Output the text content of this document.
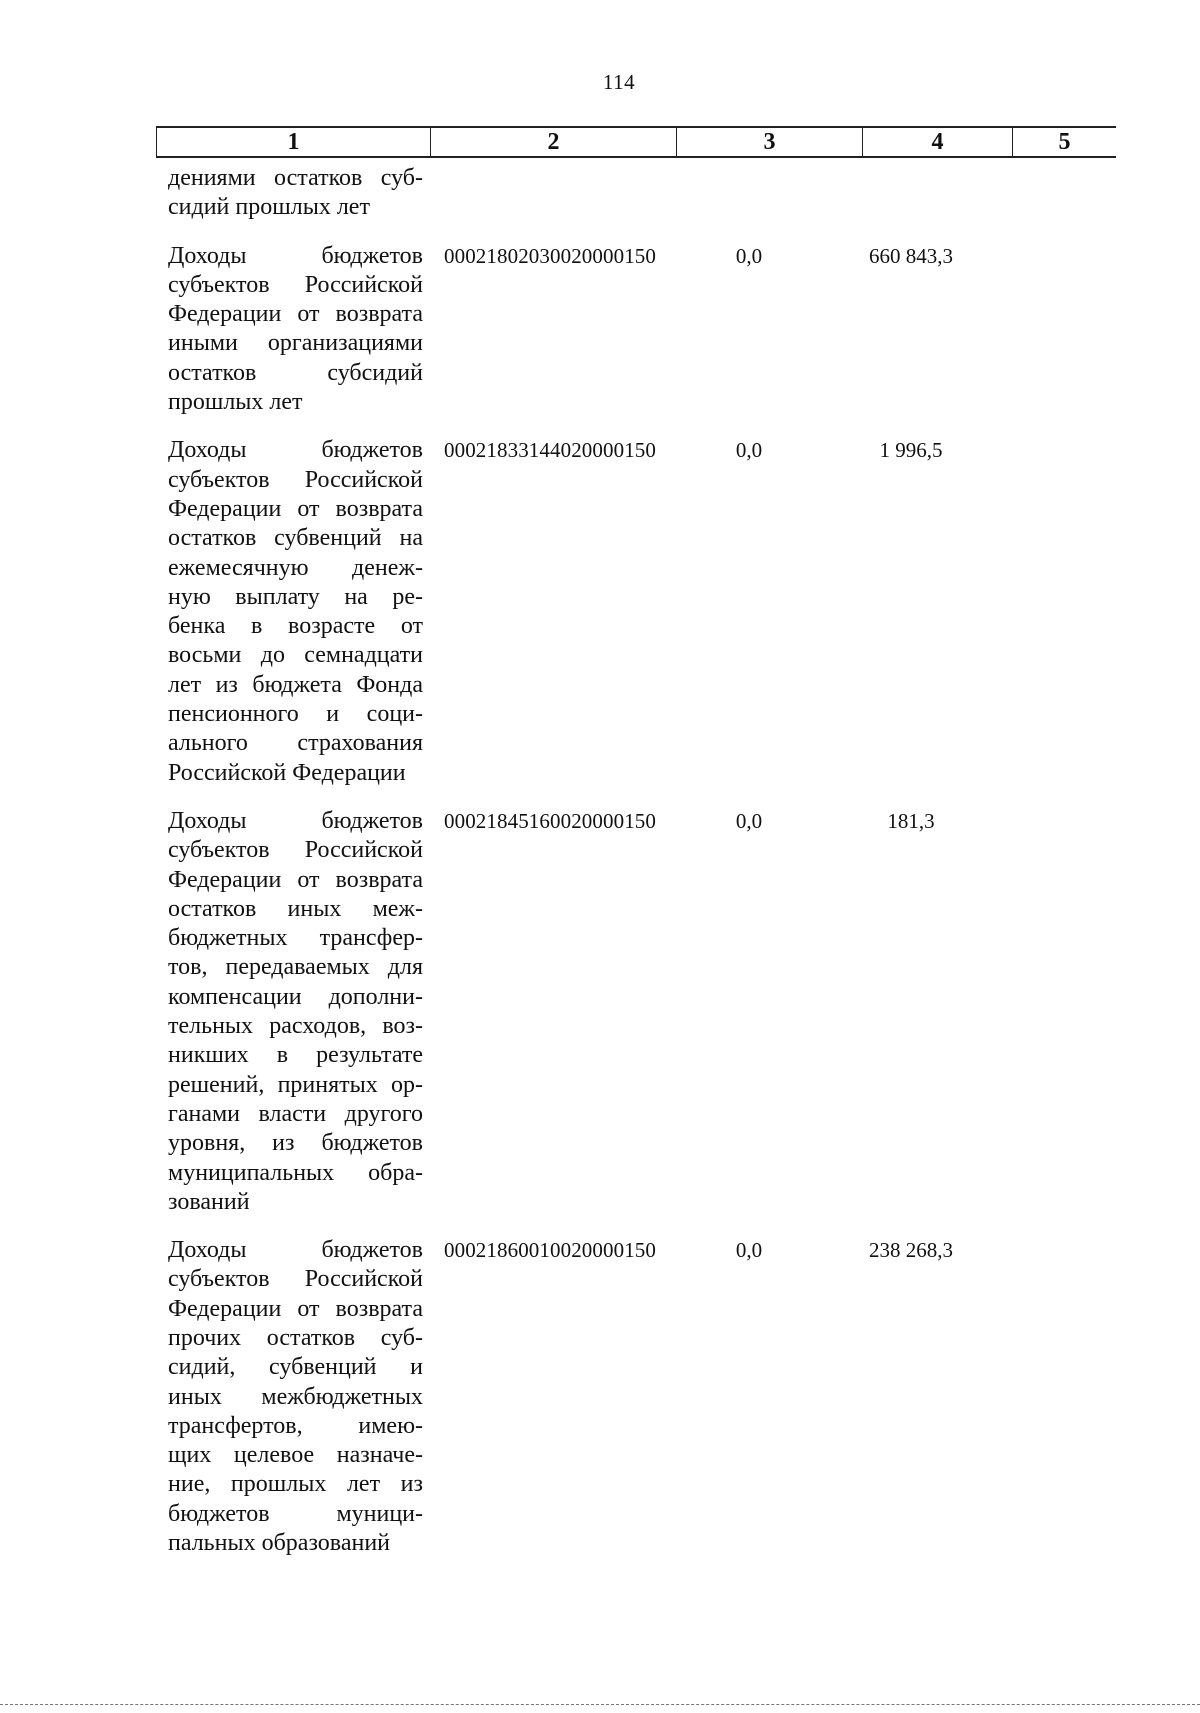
114
1	2	3	4	5
дениями остатков суб-
сидий прошлых лет
Доходы бюджетов
субъектов Российской
Федерации от возврата
иными организациями
остатков субсидий
прошлых лет
00021802030020000150	0,0	660 843,3
Доходы бюджетов
субъектов Российской
Федерации от возврата
остатков субвенций на
ежемесячную денеж-
ную выплату на ре-
бенка в возрасте от
восьми до семнадцати
лет из бюджета Фонда
пенсионного и соци-
ального страхования
Российской Федерации
00021833144020000150	0,0	1 996,5
Доходы бюджетов
субъектов Российской
Федерации от возврата
остатков иных меж-
бюджетных трансфер-
тов, передаваемых для
компенсации дополни-
тельных расходов, воз-
никших в результате
решений, принятых ор-
ганами власти другого
уровня, из бюджетов
муниципальных обра-
зований
00021845160020000150	0,0	181,3
Доходы бюджетов
субъектов Российской
Федерации от возврата
прочих остатков суб-
сидий, субвенций и
иных межбюджетных
трансфертов, имею-
щих целевое назначе-
ние, прошлых лет из
бюджетов муници-
пальных образований
00021860010020000150	0,0	238 268,3
